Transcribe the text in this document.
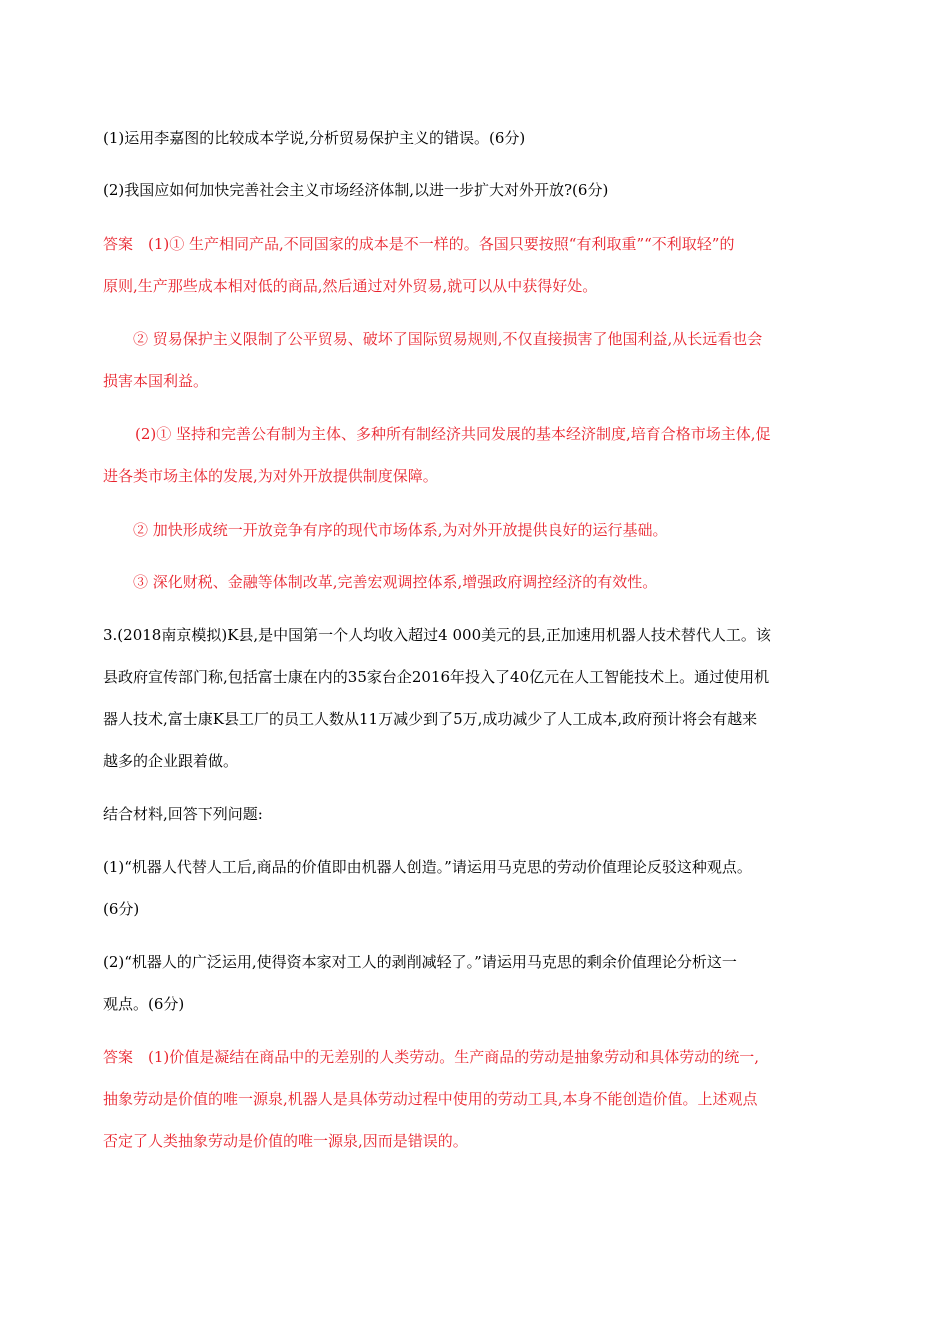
(1)运用李嘉图的比较成本学说,分析贸易保护主义的错误。(6分)

(2)我国应如何加快完善社会主义市场经济体制,以进一步扩大对外开放?(6分)

答案　(1)① 生产相同产品,不同国家的成本是不一样的。各国只要按照“有利取重”“不利取轻”的
原则,生产那些成本相对低的商品,然后通过对外贸易,就可以从中获得好处。

② 贸易保护主义限制了公平贸易、破坏了国际贸易规则,不仅直接损害了他国利益,从长远看也会
损害本国利益。

(2)① 坚持和完善公有制为主体、多种所有制经济共同发展的基本经济制度,培育合格市场主体,促
进各类市场主体的发展,为对外开放提供制度保障。

② 加快形成统一开放竞争有序的现代市场体系,为对外开放提供良好的运行基础。

③ 深化财税、金融等体制改革,完善宏观调控体系,增强政府调控经济的有效性。

3.(2018南京模拟)K县,是中国第一个人均收入超过4 000美元的县,正加速用机器人技术替代人工。该
县政府宣传部门称,包括富士康在内的35家台企2016年投入了40亿元在人工智能技术上。通过使用机
器人技术,富士康K县工厂的员工人数从11万减少到了5万,成功减少了人工成本,政府预计将会有越来
越多的企业跟着做。

结合材料,回答下列问题:

(1)“机器人代替人工后,商品的价值即由机器人创造。”请运用马克思的劳动价值理论反驳这种观点。
(6分)

(2)“机器人的广泛运用,使得资本家对工人的剥削减轻了。”请运用马克思的剩余价值理论分析这一
观点。(6分)

答案　(1)价值是凝结在商品中的无差别的人类劳动。生产商品的劳动是抽象劳动和具体劳动的统一,
抽象劳动是价值的唯一源泉,机器人是具体劳动过程中使用的劳动工具,本身不能创造价值。上述观点
否定了人类抽象劳动是价值的唯一源泉,因而是错误的。
